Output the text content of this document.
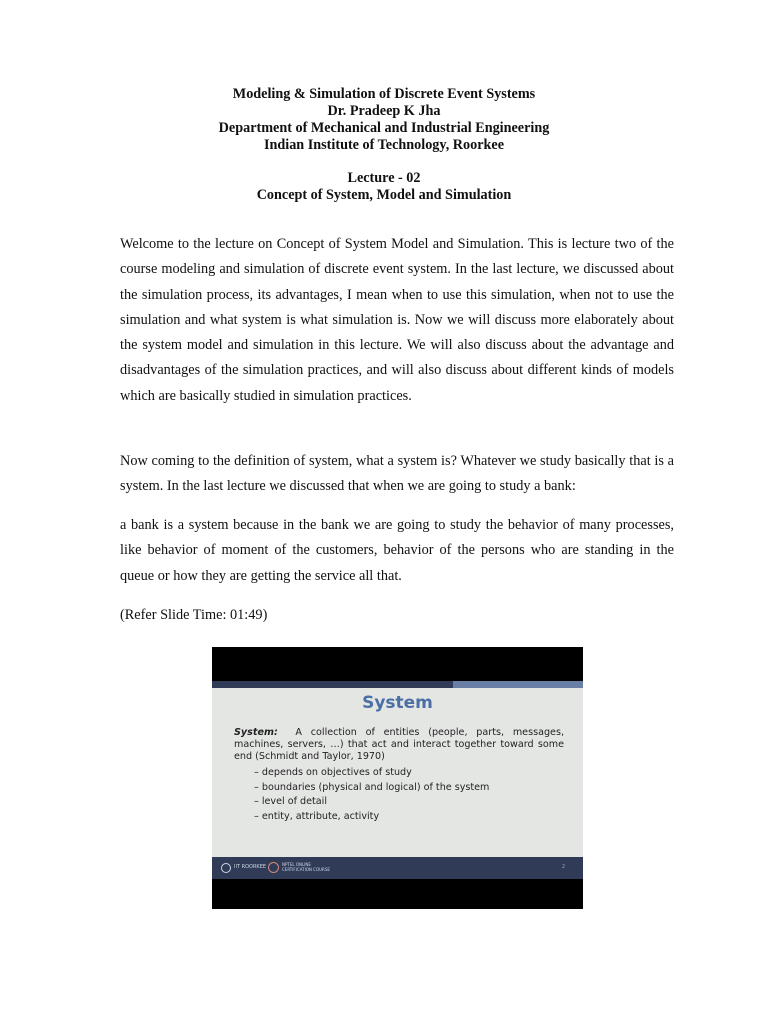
Modeling & Simulation of Discrete Event Systems
Dr. Pradeep K Jha
Department of Mechanical and Industrial Engineering
Indian Institute of Technology, Roorkee
Lecture - 02
Concept of System, Model and Simulation

Welcome to the lecture on Concept of System Model and Simulation. This is lecture two of the course modeling and simulation of discrete event system. In the last lecture, we discussed about the simulation process, its advantages, I mean when to use this simulation, when not to use the simulation and what system is what simulation is. Now we will discuss more elaborately about the system model and simulation in this lecture. We will also discuss about the advantage and disadvantages of the simulation practices, and will also discuss about different kinds of models which are basically studied in simulation practices.

Now coming to the definition of system, what a system is? Whatever we study basically that is a system. In the last lecture we discussed that when we are going to study a bank:

a bank is a system because in the bank we are going to study the behavior of many processes, like behavior of moment of the customers, behavior of the persons who are standing in the queue or how they are getting the service all that.

(Refer Slide Time: 01:49)

System
System: A collection of entities (people, parts, messages, machines, servers, …) that act and interact together toward some end (Schmidt and Taylor, 1970)
– depends on objectives of study
– boundaries (physical and logical) of the system
– level of detail
– entity, attribute, activity
IIT ROORKEE	NPTEL ONLINE CERTIFICATION COURSE	2
